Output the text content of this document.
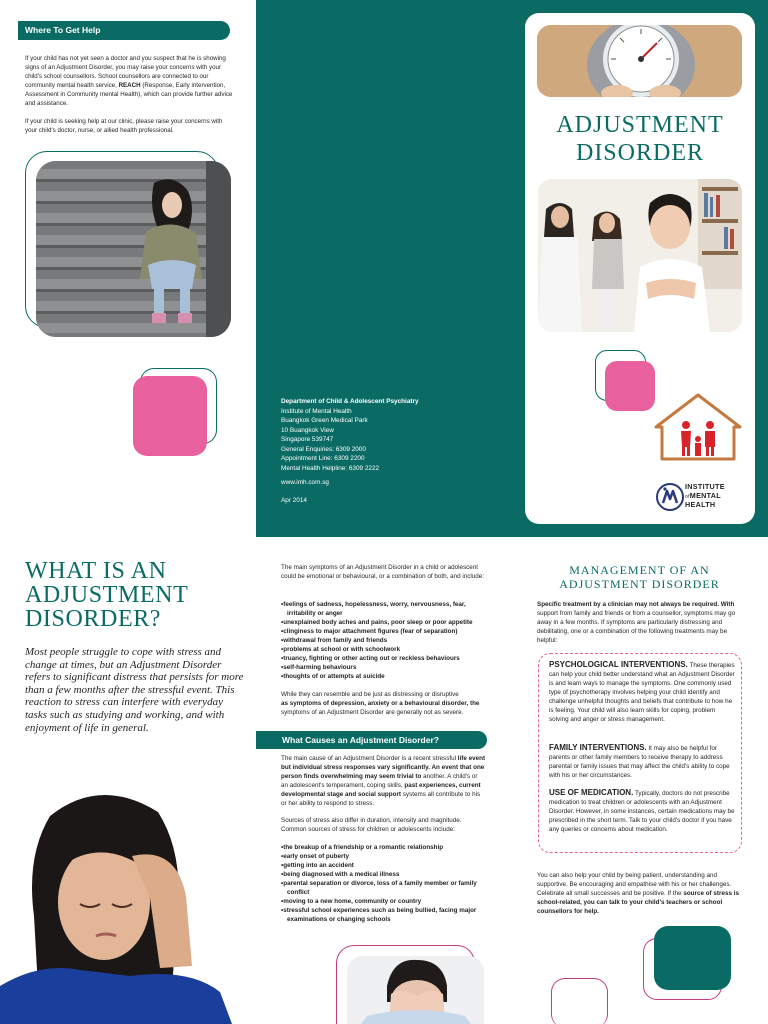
Where To Get Help
If your child has not yet seen a doctor and you suspect that he is showing signs of an Adjustment Disorder, you may raise your concerns with your child's school counsellors. School counsellors are connected to our community mental health service, REACH (Response, Early intervention, Assessment in Community mental Health), which can provide further advice and assistance.
If your child is seeking help at our clinic, please raise your concerns with your child's doctor, nurse, or allied health professional.
Department of Child & Adolescent Psychiatry
Institute of Mental Health
Buangkok Green Medical Park
10 Buangkok View
Singapore 539747
General Enquiries: 6309 2000
Appointment Line: 6309 2200
Mental Health Helpline: 6309 2222
www.imh.com.sg
Apr 2014
ADJUSTMENT
DISORDER
INSTITUTE
ofMENTAL
HEALTH
WHAT IS AN
ADJUSTMENT
DISORDER?
Most people struggle to cope with stress and change at times, but an Adjustment Disorder refers to significant distress that persists for more than a few months after the stressful event. This reaction to stress can interfere with everyday tasks such as studying and working, and with enjoyment of life in general.
The main symptoms of an Adjustment Disorder in a child or adolescent could be emotional or behavioural, or a combination of both, and include:
• feelings of sadness, hopelessness, worry, nervousness, fear, irritability or anger
• unexplained body aches and pains, poor sleep or poor appetite
• clinginess to major attachment figures (fear of separation)
• withdrawal from family and friends
• problems at school or with schoolwork
• truancy, fighting or other acting out or reckless behaviours
• self-harming behaviours
• thoughts of or attempts at suicide
While they can resemble and be just as distressing or disruptive
as symptoms of depression, anxiety or a behavioural disorder, the
symptoms of an Adjustment Disorder are generally not as severe.
What Causes an Adjustment Disorder?
The main cause of an Adjustment Disorder is a recent stressful life event but individual stress responses vary significantly. An event that one person finds overwhelming may seem trivial to another. A child's or an adolescent's temperament, coping skills, past experiences, current developmental stage and social support systems all contribute to his or her ability to respond to stress.
Sources of stress also differ in duration, intensity and magnitude. Common sources of stress for children or adolescents include:
• the breakup of a friendship or a romantic relationship
• early onset of puberty
• getting into an accident
• being diagnosed with a medical illness
• parental separation or divorce, loss of a family member or family conflict
• moving to a new home, community or country
• stressful school experiences such as being bullied, facing major examinations or changing schools
MANAGEMENT OF AN
ADJUSTMENT DISORDER
Specific treatment by a clinician may not always be required. With support from family and friends or from a counsellor, symptoms may go away in a few months. If symptoms are particularly distressing and debilitating, one or a combination of the following treatments may be helpful:
PSYCHOLOGICAL INTERVENTIONS. These therapies can help your child better understand what an Adjustment Disorder is and learn ways to manage the symptoms. One commonly used type of psychotherapy involves helping your child identify and challenge unhelpful thoughts and beliefs that contribute to how he is feeling. Your child will also learn skills for coping, problem solving and anger or stress management.
FAMILY INTERVENTIONS. It may also be helpful for parents or other family members to receive therapy to address parental or family issues that may affect the child's ability to cope with his or her circumstances.
USE OF MEDICATION. Typically, doctors do not prescribe medication to treat children or adolescents with an Adjustment Disorder. However, in some instances, certain medications may be prescribed in the short term. Talk to your child's doctor if you have any queries or concerns about medication.
You can also help your child by being patient, understanding and supportive. Be encouraging and empathise with his or her challenges. Celebrate all small successes and be positive. If the source of stress is school-related, you can talk to your child's teachers or school counsellors for help.
